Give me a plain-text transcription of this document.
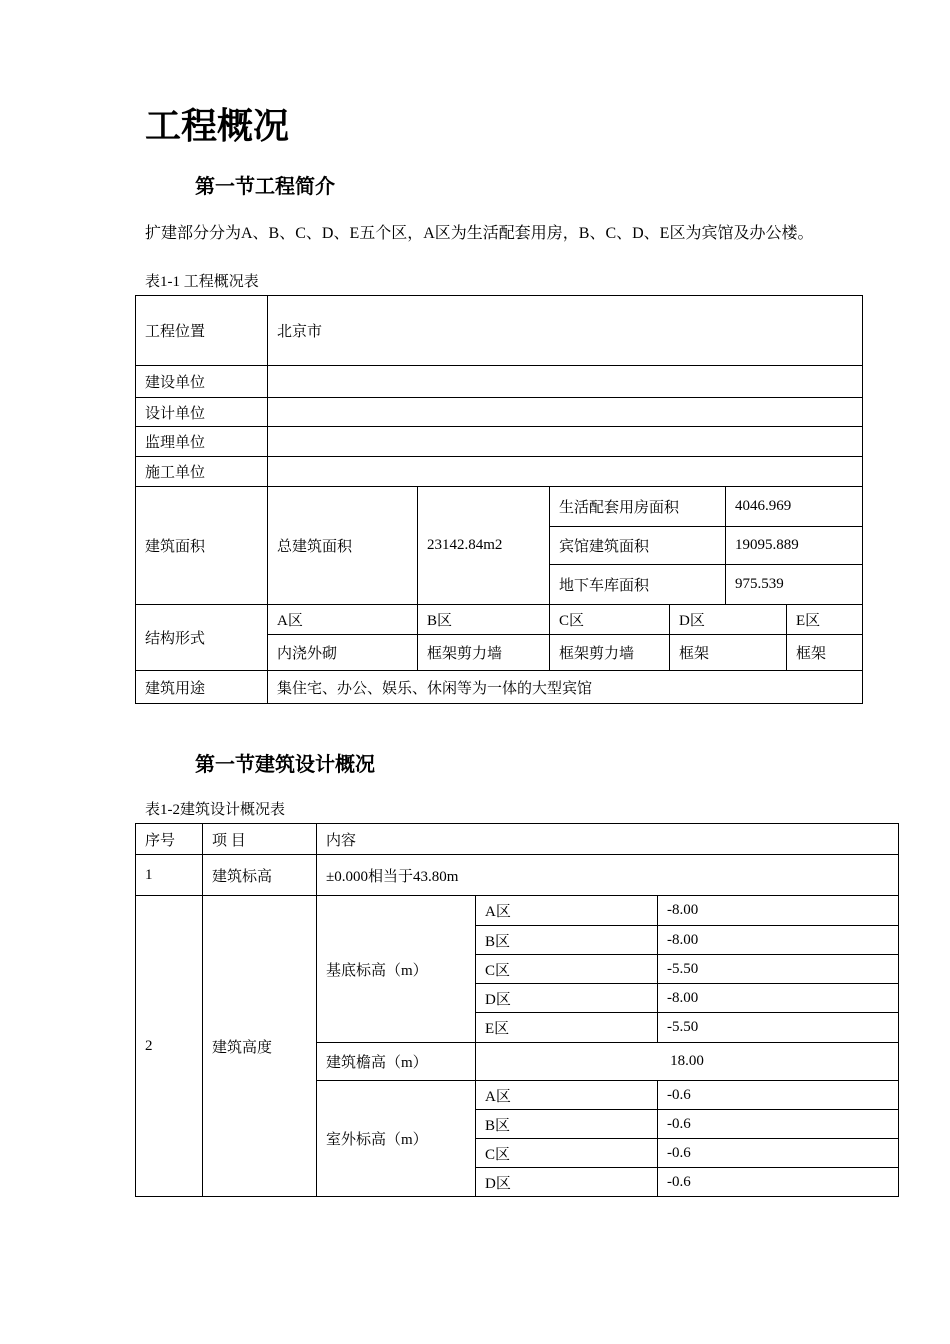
工程概况
第一节工程简介
扩建部分分为A、B、C、D、E五个区，A区为生活配套用房，B、C、D、E区为宾馆及办公楼。
表1-1 工程概况表
工程位置	北京市					
建设单位						
设计单位						
监理单位						
施工单位						
建筑面积	总建筑面积	23142.84m2	生活配套用房面积		4046.969	
			宾馆建筑面积		19095.889	
			地下车库面积		975.539	
结构形式	A区	B区	C区	D区		E区
	内浇外砌	框架剪力墙	框架剪力墙	框架		框架
建筑用途	集住宅、办公、娱乐、休闲等为一体的大型宾馆					
第一节建筑设计概况
表1-2建筑设计概况表
序号	项 目	内容		
1	建筑标高	±0.000相当于43.80m		
2	建筑高度	基底标高（m）	A区	-8.00
			B区	-8.00
			C区	-5.50
			D区	-8.00
			E区	-5.50
		建筑檐高（m）	18.00	
		室外标高（m）	A区	-0.6
			B区	-0.6
			C区	-0.6
			D区	-0.6
